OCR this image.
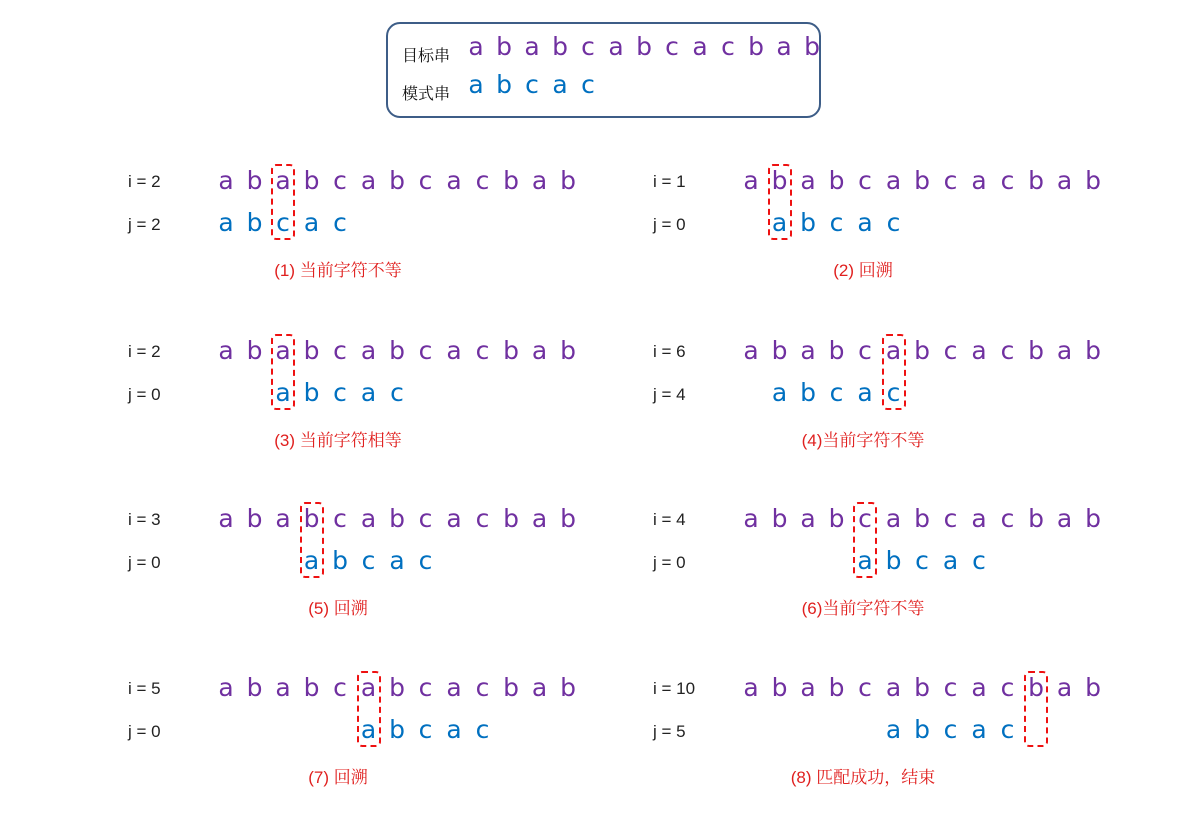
目标串 a b a b c a b c a c b a b
模式串 a b c a c
i = 2
j = 2
a b a b c a b c a c b a b
a b c a c
(1) 当前字符不等
i = 1
j = 0
a b a b c a b c a c b a b
a b c a c
(2) 回溯
i = 2
j = 0
a b a b c a b c a c b a b
a b c a c
(3) 当前字符相等
i = 6
j = 4
a b a b c a b c a c b a b
a b c a c
(4)当前字符不等
i = 3
j = 0
a b a b c a b c a c b a b
a b c a c
(5) 回溯
i = 4
j = 0
a b a b c a b c a c b a b
a b c a c
(6)当前字符不等
i = 5
j = 0
a b a b c a b c a c b a b
a b c a c
(7) 回溯
i = 10
j = 5
a b a b c a b c a c b a b
a b c a c
(8) 匹配成功，结束
